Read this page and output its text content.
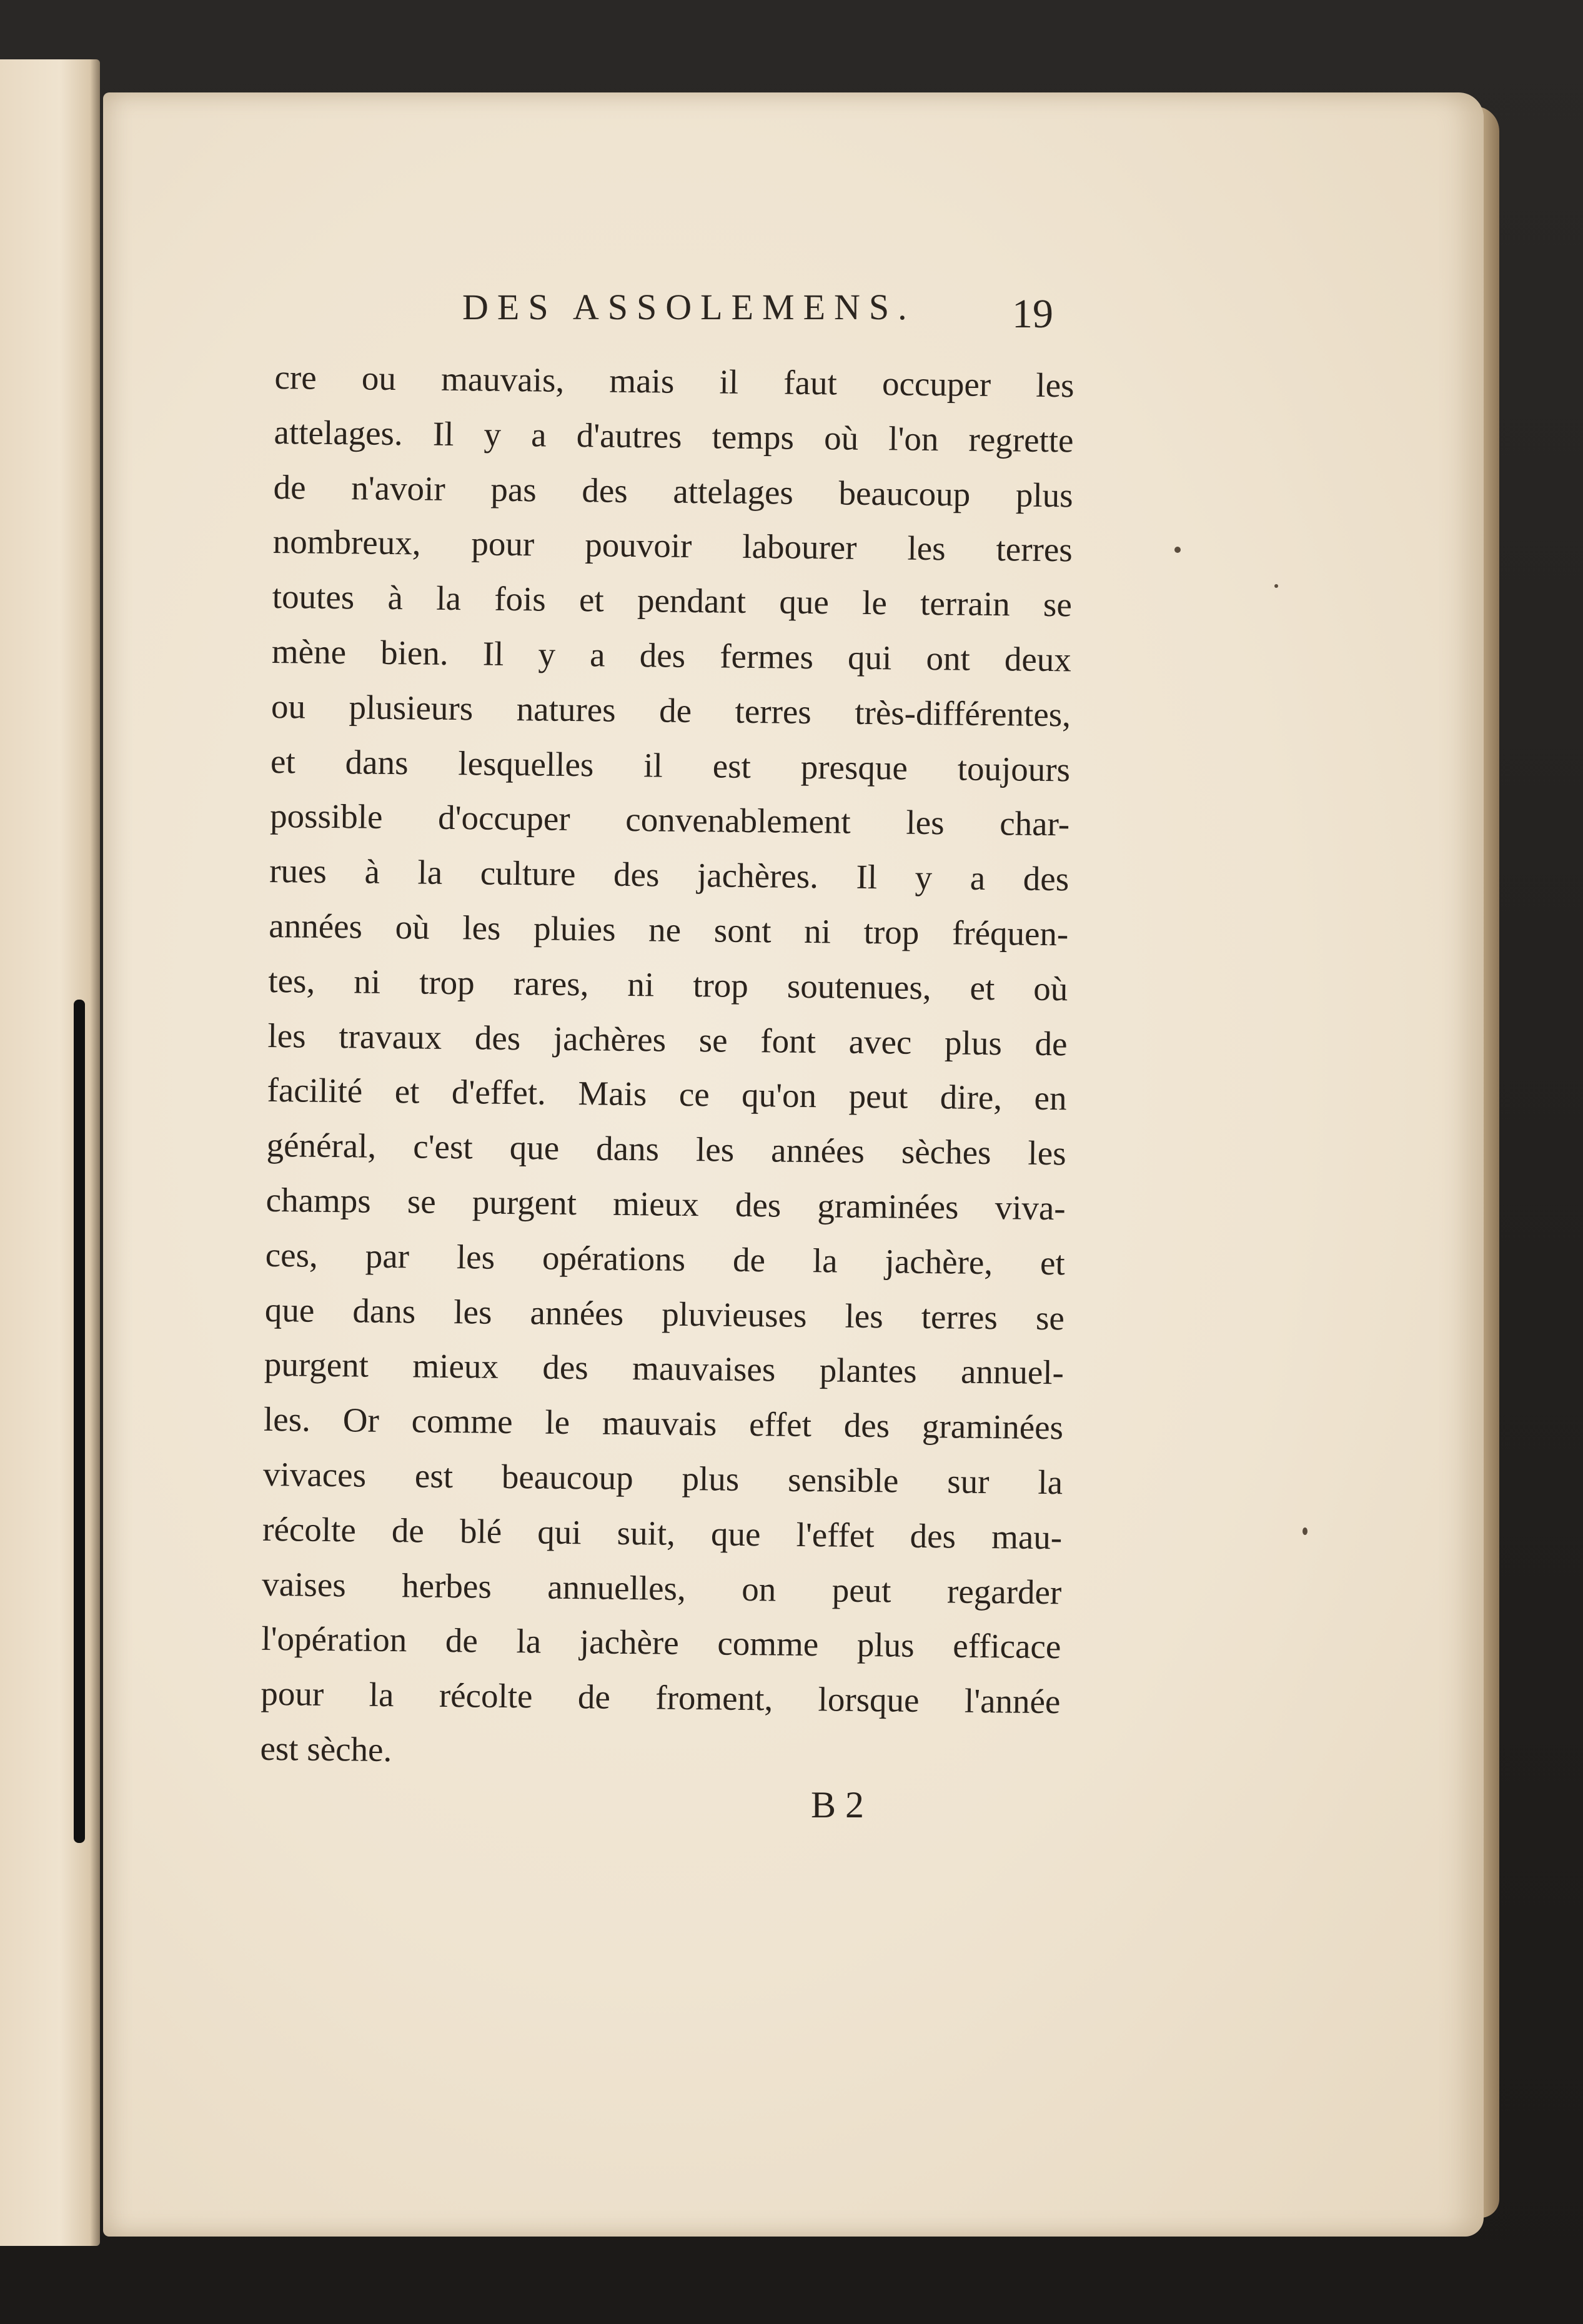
DES ASSOLEMENS.	19
cre ou mauvais, mais il faut occuper les
attelages. Il y a d'autres temps où l'on regrette
de n'avoir pas des attelages beaucoup plus
nombreux, pour pouvoir labourer les terres
toutes à la fois et pendant que le terrain se
mène bien. Il y a des fermes qui ont deux
ou plusieurs natures de terres très-différentes,
et dans lesquelles il est presque toujours
possible d'occuper convenablement les char-
rues à la culture des jachères. Il y a des
années où les pluies ne sont ni trop fréquen-
tes, ni trop rares, ni trop soutenues, et où
les travaux des jachères se font avec plus de
facilité et d'effet. Mais ce qu'on peut dire, en
général, c'est que dans les années sèches les
champs se purgent mieux des graminées viva-
ces, par les opérations de la jachère, et
que dans les années pluvieuses les terres se
purgent mieux des mauvaises plantes annuel-
les. Or comme le mauvais effet des graminées
vivaces est beaucoup plus sensible sur la
récolte de blé qui suit, que l'effet des mau-
vaises herbes annuelles, on peut regarder
l'opération de la jachère comme plus efficace
pour la récolte de froment, lorsque l'année
est sèche.
B 2
